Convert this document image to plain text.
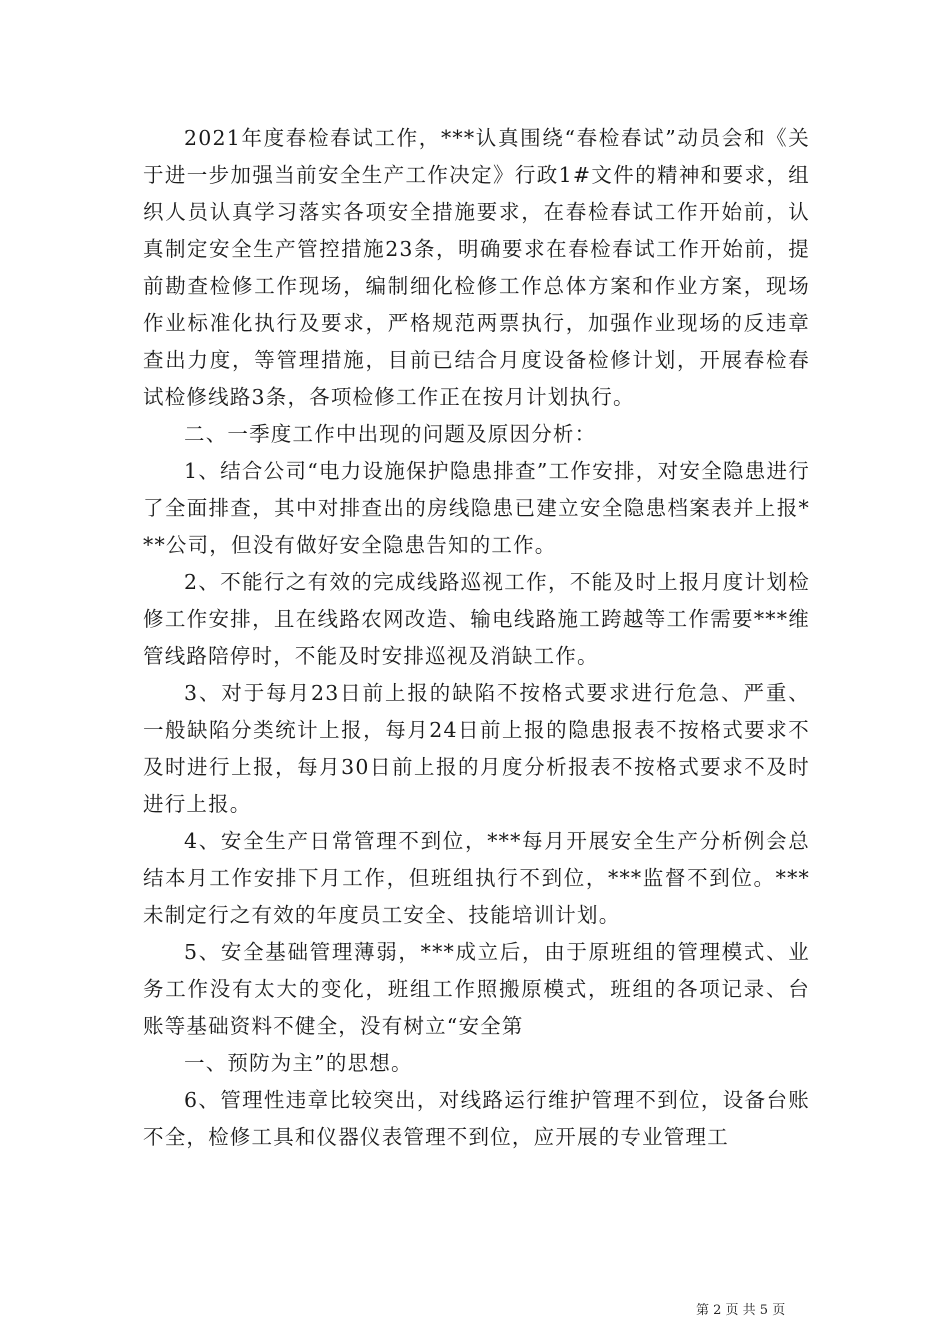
2021年度春检春试工作，***认真围绕“春检春试”动员会和《关于进一步加强当前安全生产工作决定》行政1#文件的精神和要求，组织人员认真学习落实各项安全措施要求，在春检春试工作开始前，认真制定安全生产管控措施23条，明确要求在春检春试工作开始前，提前勘查检修工作现场，编制细化检修工作总体方案和作业方案，现场作业标准化执行及要求，严格规范两票执行，加强作业现场的反违章查出力度，等管理措施，目前已结合月度设备检修计划，开展春检春试检修线路3条，各项检修工作正在按月计划执行。

二、一季度工作中出现的问题及原因分析：

1、结合公司“电力设施保护隐患排查”工作安排，对安全隐患进行了全面排查，其中对排查出的房线隐患已建立安全隐患档案表并上报***公司，但没有做好安全隐患告知的工作。

2、不能行之有效的完成线路巡视工作，不能及时上报月度计划检修工作安排，且在线路农网改造、输电线路施工跨越等工作需要***维管线路陪停时，不能及时安排巡视及消缺工作。

3、对于每月23日前上报的缺陷不按格式要求进行危急、严重、一般缺陷分类统计上报，每月24日前上报的隐患报表不按格式要求不及时进行上报，每月30日前上报的月度分析报表不按格式要求不及时进行上报。

4、安全生产日常管理不到位，***每月开展安全生产分析例会总结本月工作安排下月工作，但班组执行不到位，***监督不到位。***未制定行之有效的年度员工安全、技能培训计划。

5、安全基础管理薄弱，***成立后，由于原班组的管理模式、业务工作没有太大的变化，班组工作照搬原模式，班组的各项记录、台账等基础资料不健全，没有树立“安全第

一、预防为主”的思想。

6、管理性违章比较突出，对线路运行维护管理不到位，设备台账不全，检修工具和仪器仪表管理不到位，应开展的专业管理工

第 2 页 共 5 页
